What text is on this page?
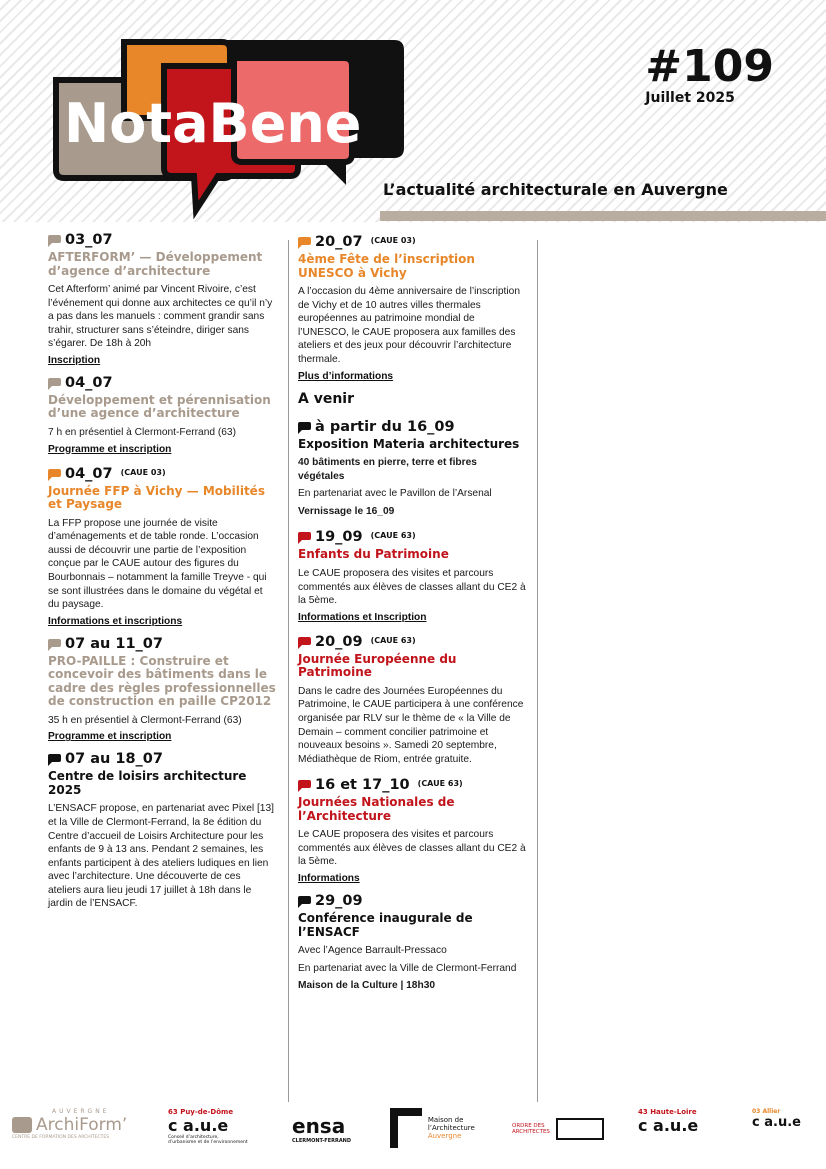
NotaBene
#109
Juillet 2025
L’actualité architecturale en Auvergne
03_07
AFTERFORM’ — Développement d’agence d’architecture

Cet Afterform’ animé par Vincent Rivoire, c’est l’événement qui donne aux architectes ce qu’il n’y a pas dans les manuels : comment grandir sans trahir, structurer sans s’éteindre, diriger sans s’égarer. De 18h à 20h

Inscription
04_07
Développement et pérennisation d’une agence d’architecture

7 h en présentiel à Clermont-Ferrand (63)

Programme et inscription
04_07 (CAUE 03)
Journée FFP à Vichy — Mobilités et Paysage

La FFP propose une journée de visite d’aménagements et de table ronde. L’occasion aussi de découvrir une partie de l’exposition conçue par le CAUE autour des figures du Bourbonnais – notamment la famille Treyve - qui se sont illustrées dans le domaine du végétal et du paysage.

Informations et inscriptions
07 au 11_07
PRO-PAILLE : Construire et concevoir des bâtiments dans le cadre des règles professionnelles de construction en paille CP2012

35 h en présentiel à Clermont-Ferrand (63)

Programme et inscription
07 au 18_07
Centre de loisirs architecture 2025

L’ENSACF propose, en partenariat avec Pixel [13] et la Ville de Clermont-Ferrand, la 8e édition du Centre d’accueil de Loisirs Architecture pour les enfants de 9 à 13 ans. Pendant 2 semaines, les enfants participent à des ateliers ludiques en lien avec l’architecture. Une découverte de ces ateliers aura lieu jeudi 17 juillet à 18h dans le jardin de l’ENSACF.

20_07 (CAUE 03)
4ème Fête de l’inscription UNESCO à Vichy

A l’occasion du 4ème anniversaire de l’inscription de Vichy et de 10 autres villes thermales européennes au patrimoine mondial de l’UNESCO, le CAUE proposera aux familles des ateliers et des jeux pour découvrir l’architecture thermale.

Plus d’informations
A venir
à partir du 16_09
Exposition Materia architectures

40 bâtiments en pierre, terre et fibres végétales

En partenariat avec le Pavillon de l’Arsenal

Vernissage le 16_09

19_09 (CAUE 63)
Enfants du Patrimoine

Le CAUE proposera des visites et parcours commentés aux élèves de classes allant du CE2 à la 5ème.

Informations et Inscription
20_09 (CAUE 63)
Journée Européenne du Patrimoine

Dans le cadre des Journées Européennes du Patrimoine, le CAUE participera à une conférence organisée par RLV sur le thème de « la Ville de Demain – comment concilier patrimoine et nouveaux besoins ». Samedi 20 septembre, Médiathèque de Riom, entrée gratuite.

16 et 17_10 (CAUE 63)
Journées Nationales de l’Architecture

Le CAUE proposera des visites et parcours commentés aux élèves de classes allant du CE2 à la 5ème.

Informations
29_09
Conférence inaugurale de l’ENSACF

Avec l’Agence Barrault-Pressaco

En partenariat avec la Ville de Clermont-Ferrand

Maison de la Culture | 18h30

AUVERGNE
ArchiForm’
CENTRE DE FORMATION DES ARCHITECTES
63 Puy-de-Dôme
c a.u.e
Conseil d’architecture, d’urbanisme et de l’environnement
ensa
CLERMONT-FERRAND
Maison de l’Architecture
Auvergne
ORDRE DES ARCHITECTES
43 Haute-Loire
c a.u.e
03 Allier
c a.u.e
